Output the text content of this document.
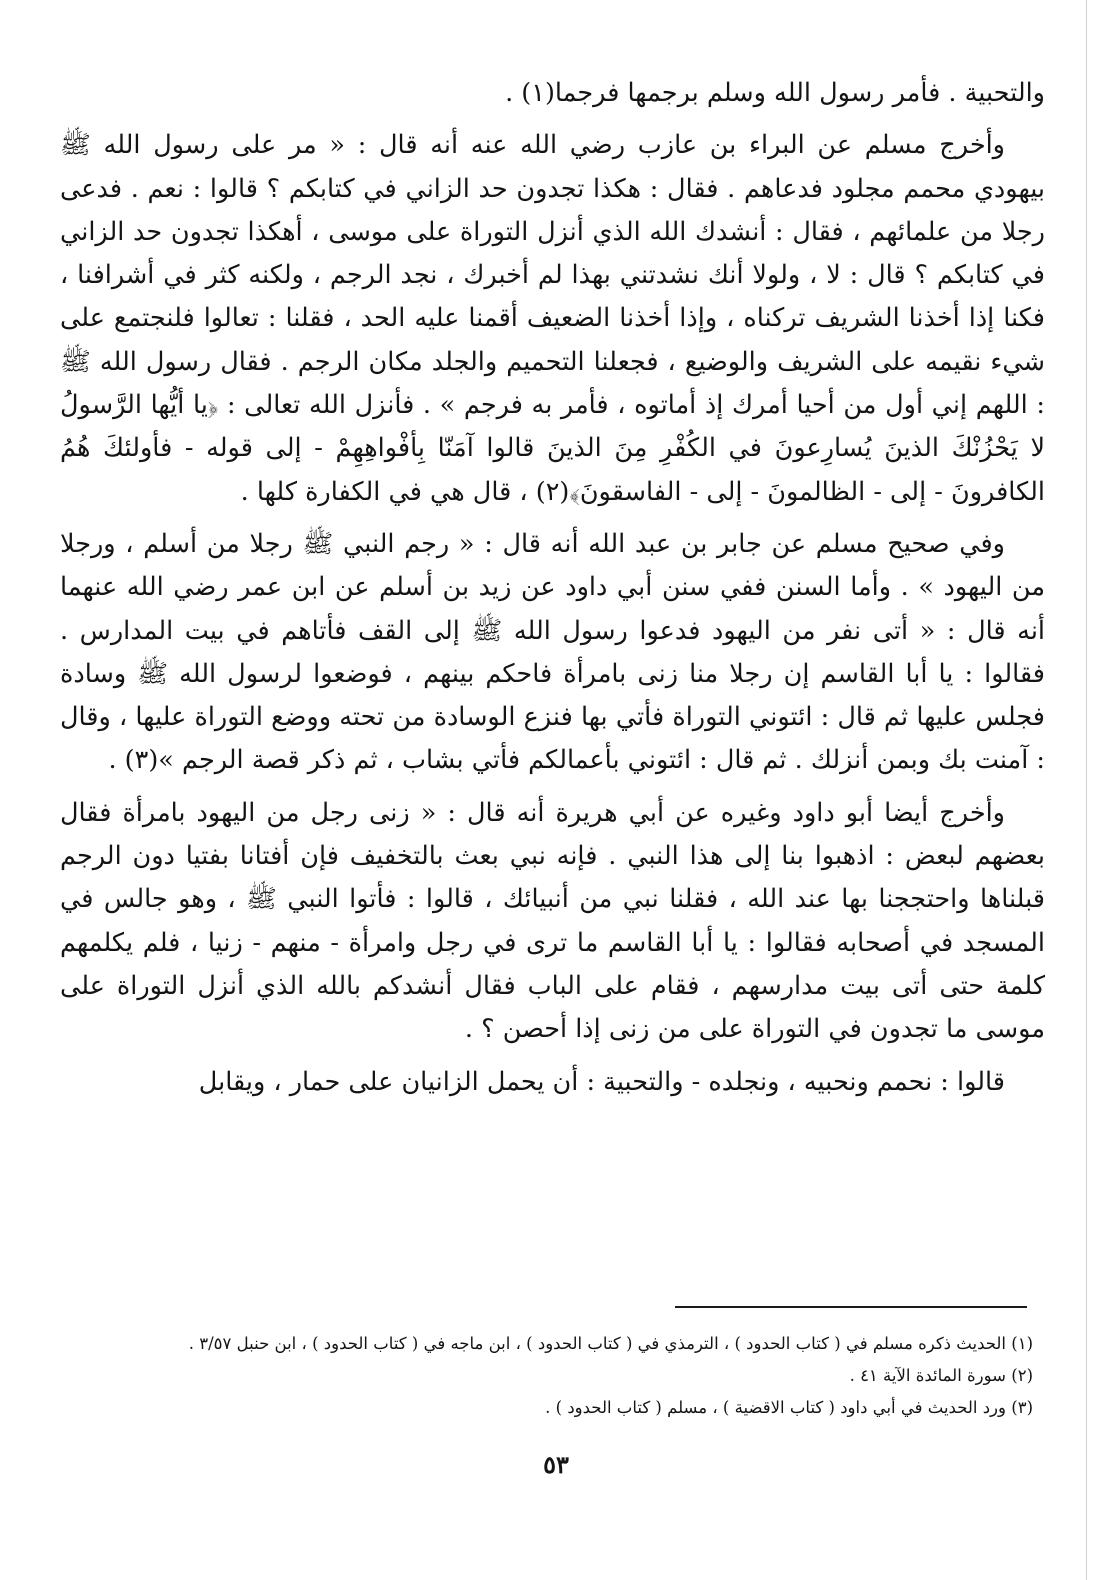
والتحبية . فأمر رسول الله وسلم برجمها فرجما(١) .

وأخرج مسلم عن البراء بن عازب رضي الله عنه أنه قال : « مر على رسول الله ﷺ بيهودي محمم مجلود فدعاهم . فقال : هكذا تجدون حد الزاني في كتابكم ؟ قالوا : نعم . فدعى رجلا من علمائهم ، فقال : أنشدك الله الذي أنزل التوراة على موسى ، أهكذا تجدون حد الزاني في كتابكم ؟ قال : لا ، ولولا أنك نشدتني بهذا لم أخبرك ، نجد الرجم ، ولكنه كثر في أشرافنا ، فكنا إذا أخذنا الشريف تركناه ، وإذا أخذنا الضعيف أقمنا عليه الحد ، فقلنا : تعالوا فلنجتمع على شيء نقيمه على الشريف والوضيع ، فجعلنا التحميم والجلد مكان الرجم . فقال رسول الله ﷺ : اللهم إني أول من أحيا أمرك إذ أماتوه ، فأمر به فرجم » . فأنزل الله تعالى : ﴿يا أيُّها الرَّسولُ لا يَحْزُنْكَ الذينَ يُسارِعونَ في الكُفْرِ مِنَ الذينَ قالوا آمَنّا بِأفْواهِهِمْ - إلى قوله - فأولئكَ هُمُ الكافرونَ - إلى - الظالمونَ - إلى - الفاسقونَ﴾(٢) ، قال هي في الكفارة كلها .

وفي صحيح مسلم عن جابر بن عبد الله أنه قال : « رجم النبي ﷺ رجلا من أسلم ، ورجلا من اليهود » . وأما السنن ففي سنن أبي داود عن زيد بن أسلم عن ابن عمر رضي الله عنهما أنه قال : « أتى نفر من اليهود فدعوا رسول الله ﷺ إلى القف فأتاهم في بيت المدارس . فقالوا : يا أبا القاسم إن رجلا منا زنى بامرأة فاحكم بينهم ، فوضعوا لرسول الله ﷺ وسادة فجلس عليها ثم قال : ائتوني التوراة فأتي بها فنزع الوسادة من تحته ووضع التوراة عليها ، وقال : آمنت بك وبمن أنزلك . ثم قال : ائتوني بأعمالكم فأتي بشاب ، ثم ذكر قصة الرجم »(٣) .

وأخرج أيضا أبو داود وغيره عن أبي هريرة أنه قال : « زنى رجل من اليهود بامرأة فقال بعضهم لبعض : اذهبوا بنا إلى هذا النبي . فإنه نبي بعث بالتخفيف فإن أفتانا بفتيا دون الرجم قبلناها واحتججنا بها عند الله ، فقلنا نبي من أنبيائك ، قالوا : فأتوا النبي ﷺ ، وهو جالس في المسجد في أصحابه فقالوا : يا أبا القاسم ما ترى في رجل وامرأة - منهم - زنيا ، فلم يكلمهم كلمة حتى أتى بيت مدارسهم ، فقام على الباب فقال أنشدكم بالله الذي أنزل التوراة على موسى ما تجدون في التوراة على من زنى إذا أحصن ؟ .

قالوا : نحمم ونحبيه ، ونجلده - والتحبية : أن يحمل الزانيان على حمار ، ويقابل

(١) الحديث ذكره مسلم في ( كتاب الحدود ) ، الترمذي في ( كتاب الحدود ) ، ابن ماجه في ( كتاب الحدود ) ، ابن حنبل ٣/٥٧ .

(٢) سورة المائدة الآية ٤١ .

(٣) ورد الحديث في أبي داود ( كتاب الاقضية ) ، مسلم ( كتاب الحدود ) .

٥٣
